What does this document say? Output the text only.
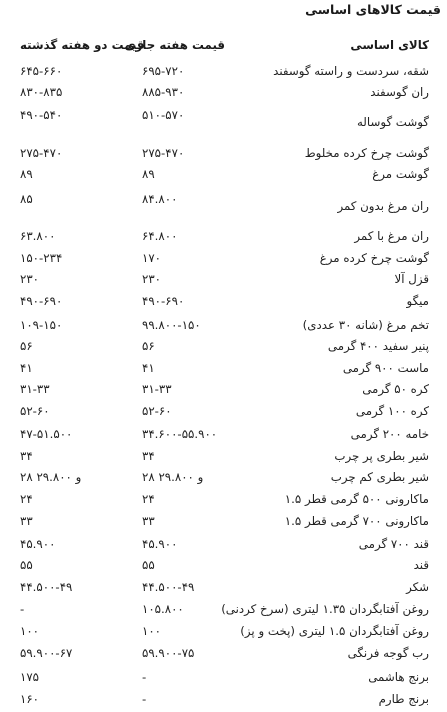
قیمت کالاهای اساسی
کالای اساسی
قیمت هفته جاری
قیمت دو هفته گذشته
شقه، سردست و راسته گوسفند
۶۹۵-۷۲۰
۶۴۵-۶۶۰
ران گوسفند
۸۸۵-۹۳۰
۸۳۰-۸۳۵
گوشت گوساله
۵۱۰-۵۷۰
۴۹۰-۵۴۰
گوشت چرخ کرده مخلوط
۲۷۵-۴۷۰
۲۷۵-۴۷۰
گوشت مرغ
۸۹
۸۹
ران مرغ بدون کمر
۸۴.۸۰۰
۸۵
ران مرغ با کمر
۶۴.۸۰۰
۶۳.۸۰۰
گوشت چرخ کرده مرغ
۱۷۰
۱۵۰-۲۳۴
قزل آلا
۲۳۰
۲۳۰
میگو
۴۹۰-۶۹۰
۴۹۰-۶۹۰
تخم مرغ (شانه ۳۰ عددی)
۹۹.۸۰۰-۱۵۰
۱۰۹-۱۵۰
پنیر سفید ۴۰۰ گرمی
۵۶
۵۶
ماست ۹۰۰ گرمی
۴۱
۴۱
کره ۵۰ گرمی
۳۱-۳۳
۳۱-۳۳
کره ۱۰۰ گرمی
۵۲-۶۰
۵۲-۶۰
خامه ۲۰۰ گرمی
۳۴.۶۰۰-۵۵.۹۰۰
۴۷-۵۱.۵۰۰
شیر بطری پر چرب
۳۴
۳۴
شیر بطری کم چرب
۲۸ و ۲۹.۸۰۰
۲۸ و ۲۹.۸۰۰
ماکارونی ۵۰۰ گرمی قطر ۱.۵
۲۴
۲۴
ماکارونی ۷۰۰ گرمی قطر ۱.۵
۳۳
۳۳
قند ۷۰۰ گرمی
۴۵.۹۰۰
۴۵.۹۰۰
قند
۵۵
۵۵
شکر
۴۴.۵۰۰-۴۹
۴۴.۵۰۰-۴۹
روغن آفتابگردان ۱.۳۵ لیتری (سرخ کردنی)
۱۰۵.۸۰۰
-
روغن آفتابگردان ۱.۵ لیتری (پخت و پز)
۱۰۰
۱۰۰
رب گوجه فرنگی
۵۹.۹۰۰-۷۵
۵۹.۹۰۰-۶۷
برنج هاشمی
-
۱۷۵
برنج طارم
-
۱۶۰
